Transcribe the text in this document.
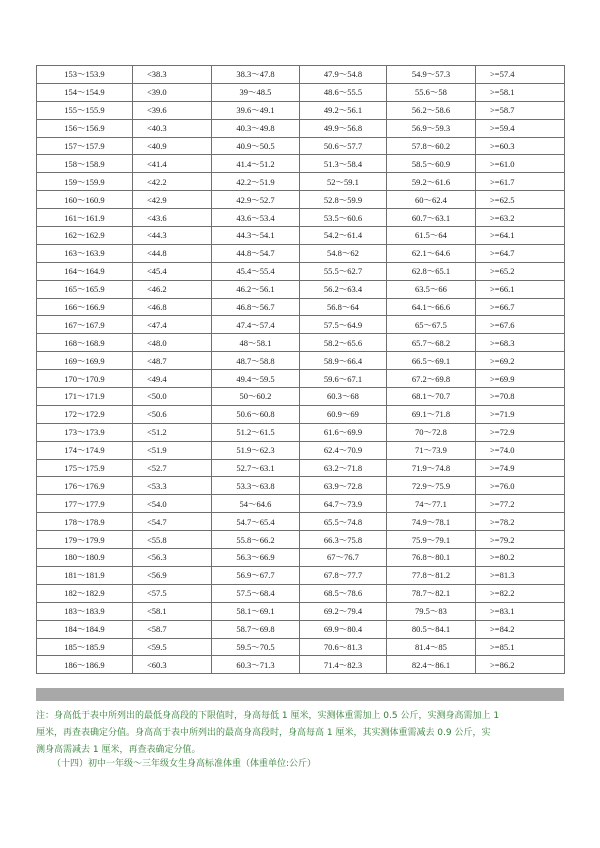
153～153.9	<38.3	38.3～47.8	47.9～54.8	54.9～57.3	>=57.4
154～154.9	<39.0	39～48.5	48.6～55.5	55.6～58	>=58.1
155～155.9	<39.6	39.6～49.1	49.2～56.1	56.2～58.6	>=58.7
156～156.9	<40.3	40.3～49.8	49.9～56.8	56.9～59.3	>=59.4
157～157.9	<40.9	40.9～50.5	50.6～57.7	57.8～60.2	>=60.3
158～158.9	<41.4	41.4～51.2	51.3～58.4	58.5～60.9	>=61.0
159～159.9	<42.2	42.2～51.9	52～59.1	59.2～61.6	>=61.7
160～160.9	<42.9	42.9～52.7	52.8～59.9	60～62.4	>=62.5
161～161.9	<43.6	43.6～53.4	53.5～60.6	60.7～63.1	>=63.2
162～162.9	<44.3	44.3～54.1	54.2～61.4	61.5～64	>=64.1
163～163.9	<44.8	44.8～54.7	54.8～62	62.1～64.6	>=64.7
164～164.9	<45.4	45.4～55.4	55.5～62.7	62.8～65.1	>=65.2
165～165.9	<46.2	46.2～56.1	56.2～63.4	63.5～66	>=66.1
166～166.9	<46.8	46.8～56.7	56.8～64	64.1～66.6	>=66.7
167～167.9	<47.4	47.4～57.4	57.5～64.9	65～67.5	>=67.6
168～168.9	<48.0	48～58.1	58.2～65.6	65.7～68.2	>=68.3
169～169.9	<48.7	48.7～58.8	58.9～66.4	66.5～69.1	>=69.2
170～170.9	<49.4	49.4～59.5	59.6～67.1	67.2～69.8	>=69.9
171～171.9	<50.0	50～60.2	60.3～68	68.1～70.7	>=70.8
172～172.9	<50.6	50.6～60.8	60.9～69	69.1～71.8	>=71.9
173～173.9	<51.2	51.2～61.5	61.6～69.9	70～72.8	>=72.9
174～174.9	<51.9	51.9～62.3	62.4～70.9	71～73.9	>=74.0
175～175.9	<52.7	52.7～63.1	63.2～71.8	71.9～74.8	>=74.9
176～176.9	<53.3	53.3～63.8	63.9～72.8	72.9～75.9	>=76.0
177～177.9	<54.0	54～64.6	64.7～73.9	74～77.1	>=77.2
178～178.9	<54.7	54.7～65.4	65.5～74.8	74.9～78.1	>=78.2
179～179.9	<55.8	55.8～66.2	66.3～75.8	75.9～79.1	>=79.2
180～180.9	<56.3	56.3～66.9	67～76.7	76.8～80.1	>=80.2
181～181.9	<56.9	56.9～67.7	67.8～77.7	77.8～81.2	>=81.3
182～182.9	<57.5	57.5～68.4	68.5～78.6	78.7～82.1	>=82.2
183～183.9	<58.1	58.1～69.1	69.2～79.4	79.5～83	>=83.1
184～184.9	<58.7	58.7～69.8	69.9～80.4	80.5～84.1	>=84.2
185～185.9	<59.5	59.5～70.5	70.6～81.3	81.4～85	>=85.1
186～186.9	<60.3	60.3～71.3	71.4～82.3	82.4～86.1	>=86.2

注：身高低于表中所列出的最低身高段的下限值时，身高每低 1 厘米，实测体重需加上 0.5 公斤，实测身高需加上 1

厘米，再查表确定分值。身高高于表中所列出的最高身高段时，身高每高 1 厘米，其实测体重需减去 0.9 公斤，实

测身高需减去 1 厘米，再查表确定分值。

（十四）初中一年级～三年级女生身高标准体重（体重单位:公斤）
